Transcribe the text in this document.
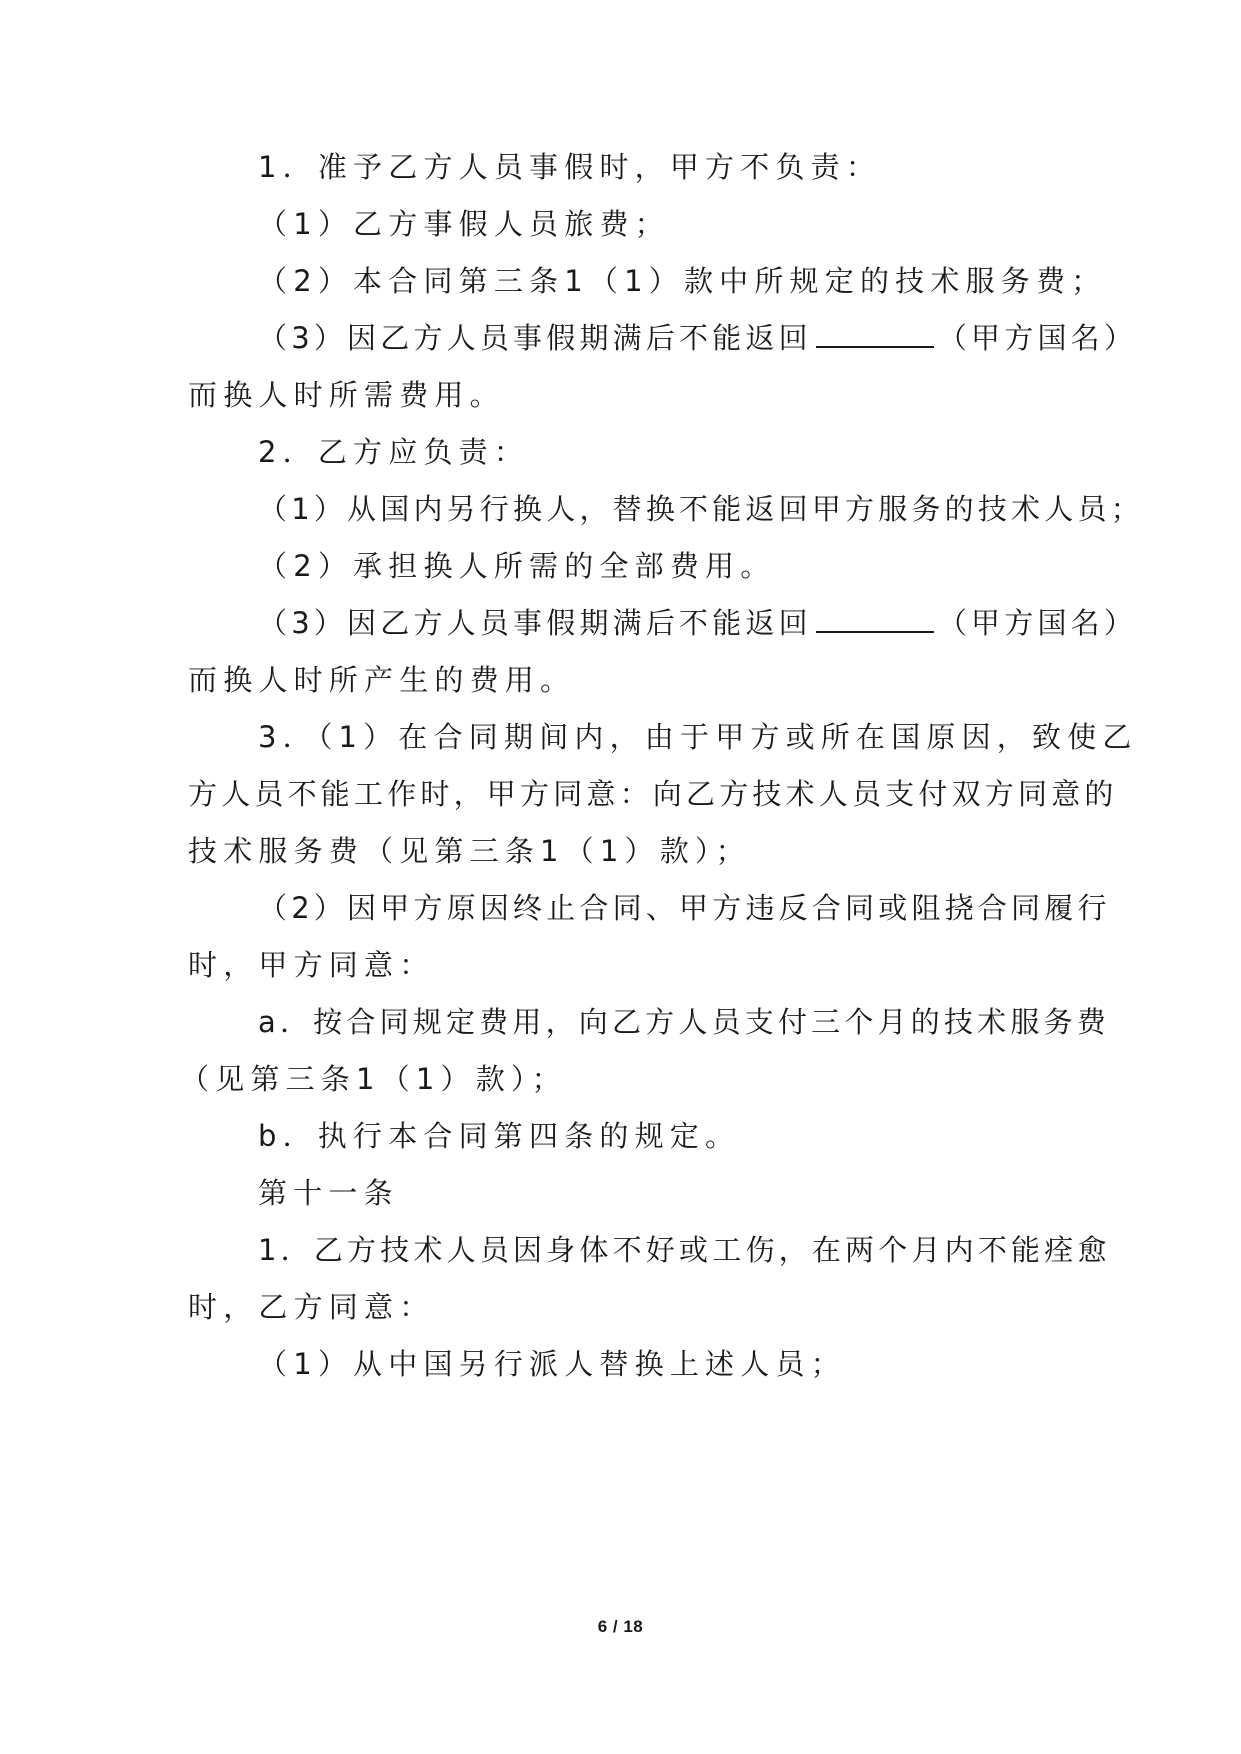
1．准予乙方人员事假时，甲方不负责：
（1）乙方事假人员旅费；
（2）本合同第三条1（1）款中所规定的技术服务费；
（3）因乙方人员事假期满后不能返回	（甲方国名）
而换人时所需费用。
2．乙方应负责：
（1）从国内另行换人，替换不能返回甲方服务的技术人员；
（2）承担换人所需的全部费用。
（3）因乙方人员事假期满后不能返回	（甲方国名）
而换人时所产生的费用。
3．（1）在合同期间内，由于甲方或所在国原因，致使乙
方人员不能工作时，甲方同意：向乙方技术人员支付双方同意的
技术服务费（见第三条1（1）款）；
（2）因甲方原因终止合同、甲方违反合同或阻挠合同履行
时，甲方同意：
a．按合同规定费用，向乙方人员支付三个月的技术服务费
（见第三条1（1）款）；
b．执行本合同第四条的规定。
第十一条
1．乙方技术人员因身体不好或工伤，在两个月内不能痊愈
时，乙方同意：
（1）从中国另行派人替换上述人员；
6 / 18
